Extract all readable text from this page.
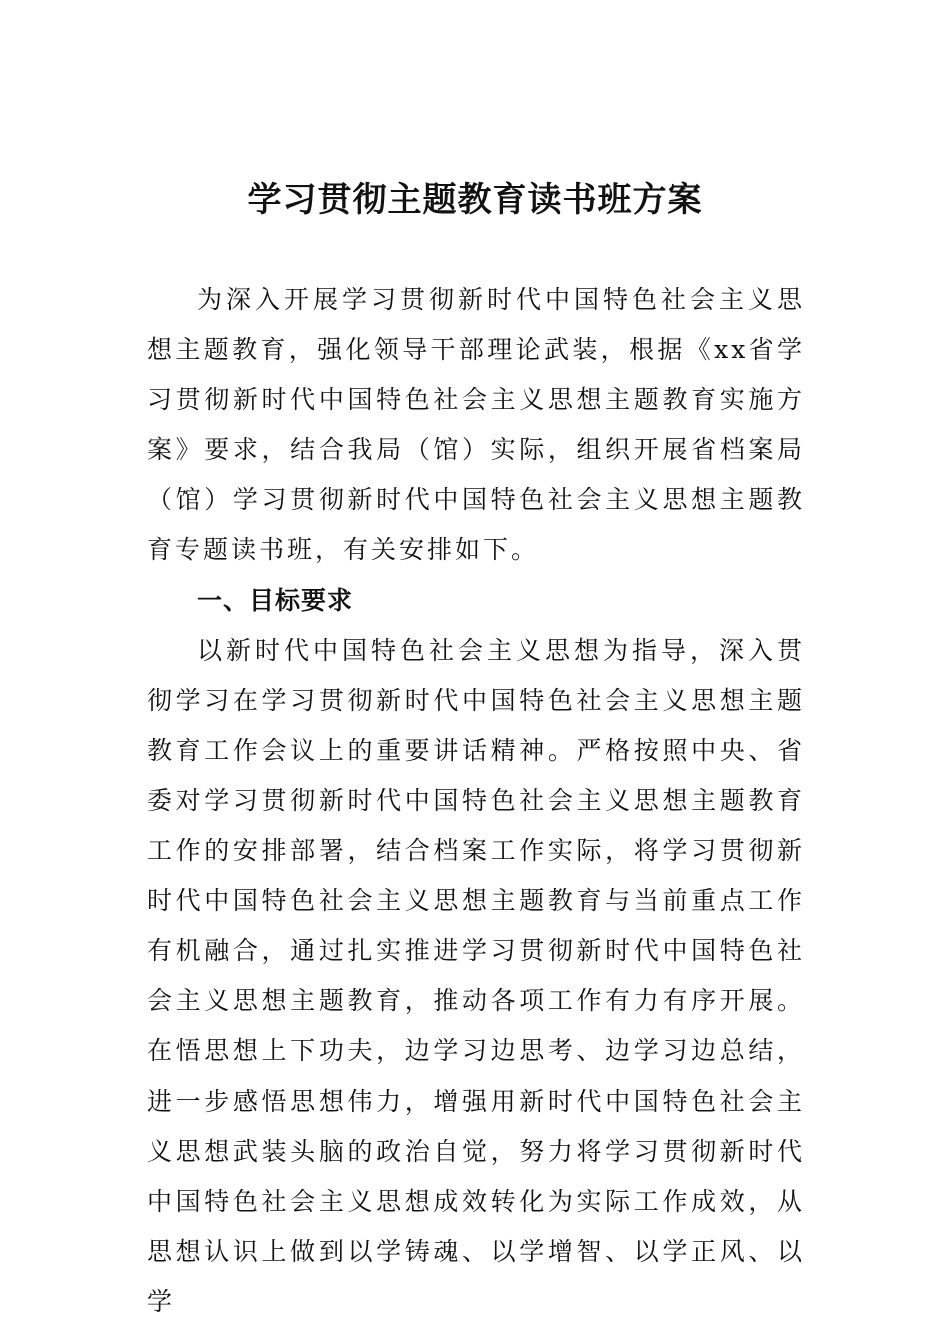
学习贯彻主题教育读书班方案

为深入开展学习贯彻新时代中国特色社会主义思想主题教育，强化领导干部理论武装，根据《xx省学习贯彻新时代中国特色社会主义思想主题教育实施方案》要求，结合我局（馆）实际，组织开展省档案局（馆）学习贯彻新时代中国特色社会主义思想主题教育专题读书班，有关安排如下。

一、目标要求

以新时代中国特色社会主义思想为指导，深入贯彻学习在学习贯彻新时代中国特色社会主义思想主题教育工作会议上的重要讲话精神。严格按照中央、省委对学习贯彻新时代中国特色社会主义思想主题教育工作的安排部署，结合档案工作实际，将学习贯彻新时代中国特色社会主义思想主题教育与当前重点工作有机融合，通过扎实推进学习贯彻新时代中国特色社会主义思想主题教育，推动各项工作有力有序开展。在悟思想上下功夫，边学习边思考、边学习边总结，进一步感悟思想伟力，增强用新时代中国特色社会主义思想武装头脑的政治自觉，努力将学习贯彻新时代中国特色社会主义思想成效转化为实际工作成效，从思想认识上做到以学铸魂、以学增智、以学正风、以学
